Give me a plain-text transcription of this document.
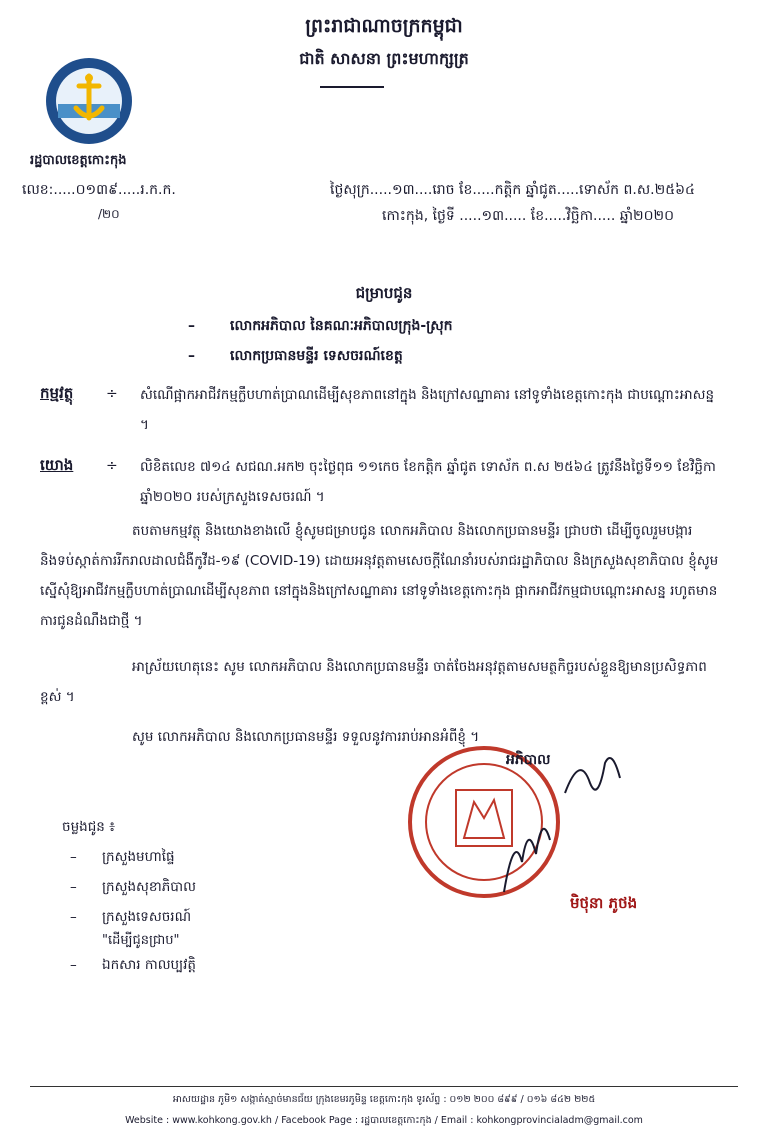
ព្រះរាជាណាចក្រកម្ពុជា
ជាតិ សាសនា ព្រះមហាក្សត្រ
រដ្ឋបាលខេត្តកោះកុង
លេខ:.....០១៣៩.....រ.ក.ក.
/២០
ថ្ងៃសុក្រ.....១៣....រោច ខែ.....កត្តិក ឆ្នាំជូត.....ទោស័ក ព.ស.២៥៦៤
កោះកុង, ថ្ងៃទី .....១៣..... ខែ.....វិច្ឆិកា..... ឆ្នាំ២០២០
ជម្រាបជូន
–	លោកអភិបាល នៃគណៈអភិបាលក្រុង-ស្រុក
–	លោកប្រធានមន្ទីរ ទេសចរណ៍ខេត្ត
កម្មវត្ថុ ÷ សំណើផ្អាកអាជីវកម្មក្លឹបហាត់ប្រាណដើម្បីសុខភាពនៅក្នុង និងក្រៅសណ្ឋាគារ នៅទូទាំងខេត្តកោះកុង ជាបណ្តោះអាសន្ន ។
យោង ÷ លិខិតលេខ ៧១៤ សជណ.អក២ ចុះថ្ងៃពុធ ១១កេច ខែកត្តិក ឆ្នាំជូត ទោស័ក ព.ស ២៥៦៤ ត្រូវនឹងថ្ងៃទី១១ ខែវិច្ឆិកា ឆ្នាំ២០២០ របស់ក្រសួងទេសចរណ៍ ។
តបតាមកម្មវត្ថុ និងយោងខាងលើ ខ្ញុំសូមជម្រាបជូន លោកអភិបាល និងលោកប្រធានមន្ទីរ ជ្រាបថា ដើម្បីចូលរួមបង្ការ និងទប់ស្កាត់ការរីករាលដាលជំងឺកូវីដ-១៩ (COVID-19) ដោយអនុវត្តតាមសេចក្តីណែនាំរបស់រាជរដ្ឋាភិបាល និងក្រសួងសុខាភិបាល ខ្ញុំសូមស្នើសុំឱ្យអាជីវកម្មក្លឹបហាត់ប្រាណដើម្បីសុខភាព នៅក្នុងនិងក្រៅសណ្ឋាគារ នៅទូទាំងខេត្តកោះកុង ផ្អាកអាជីវកម្មជាបណ្តោះអាសន្ន រហូតមានការជូនដំណឹងជាថ្មី ។
អាស្រ័យហេតុនេះ សូម លោកអភិបាល និងលោកប្រធានមន្ទីរ ចាត់ចែងអនុវត្តតាមសមត្ថកិច្ចរបស់ខ្លួនឱ្យមានប្រសិទ្ធភាពខ្ពស់ ។
សូម លោកអភិបាល និងលោកប្រធានមន្ទីរ ទទួលនូវការរាប់អានអំពីខ្ញុំ ។
អភិបាល
មិថុនា ភូថង
ចម្លងជូន ៖
– ក្រសួងមហាផ្ទៃ
– ក្រសួងសុខាភិបាល
– ក្រសួងទេសចរណ៍
"ដើម្បីជូនជ្រាប"
– ឯកសារ កាលប្បវត្តិ
អាសយដ្ឋាន ភូមិ១ សង្កាត់ស្មាច់មានជ័យ ក្រុងខេមរភូមិន្ទ ខេត្តកោះកុង ទូរស័ព្ទ : ០១២ ២០០ ៨៩៩ / ០១៦ ៨៤២ ២២៥
Website : www.kohkong.gov.kh / Facebook Page : រដ្ឋបាលខេត្តកោះកុង / Email : kohkongprovincialadm@gmail.com
